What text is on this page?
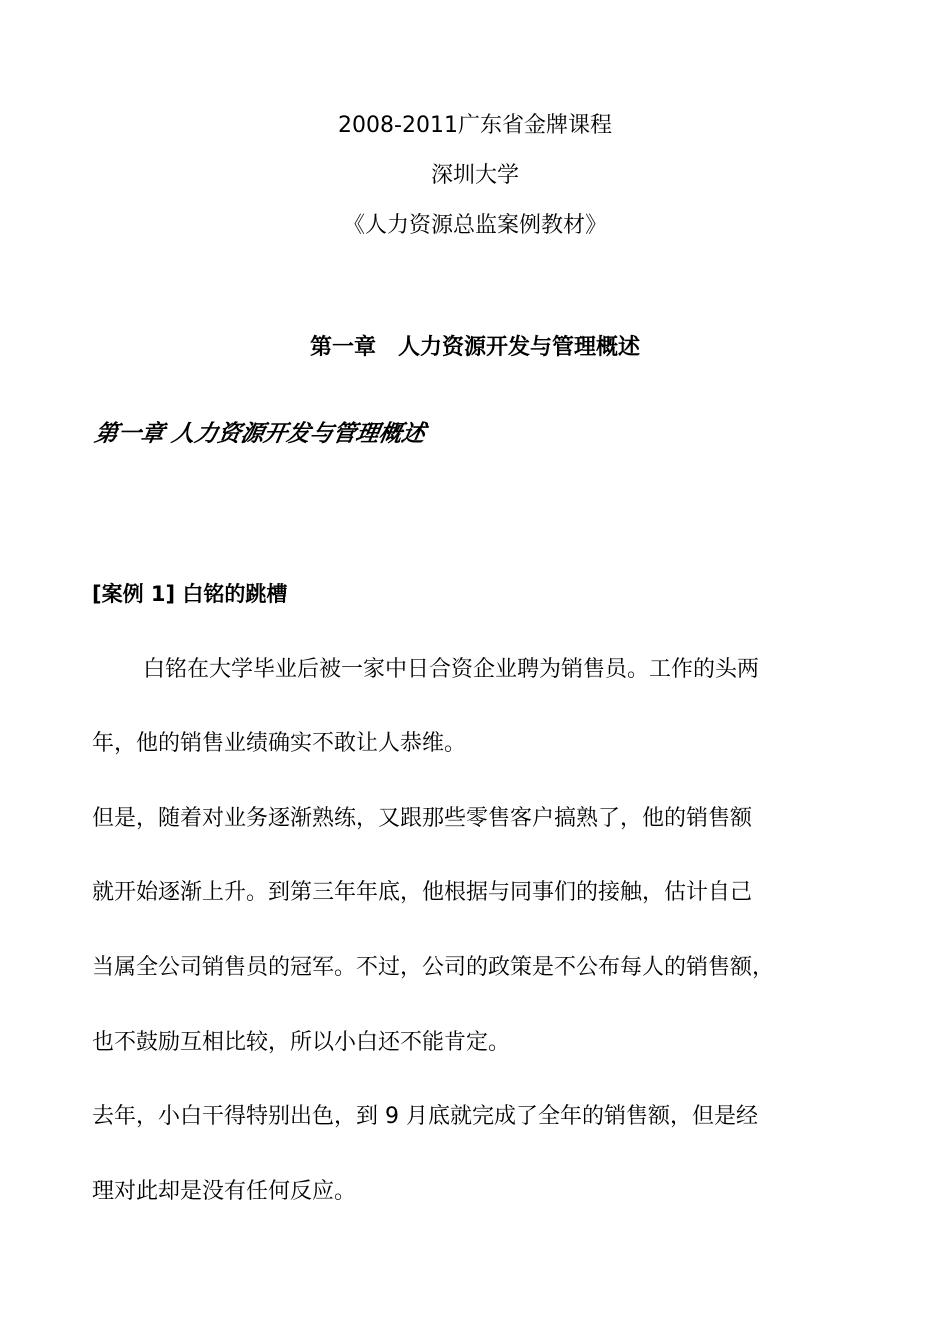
2008-2011广东省金牌课程
深圳大学
《人力资源总监案例教材》
第一章　人力资源开发与管理概述
第一章 人力资源开发与管理概述
[案例 1] 白铭的跳槽
白铭在大学毕业后被一家中日合资企业聘为销售员。工作的头两
年，他的销售业绩确实不敢让人恭维。
但是，随着对业务逐渐熟练，又跟那些零售客户搞熟了，他的销售额
就开始逐渐上升。到第三年年底，他根据与同事们的接触，估计自己
当属全公司销售员的冠军。不过，公司的政策是不公布每人的销售额，
也不鼓励互相比较，所以小白还不能肯定。
去年，小白干得特别出色，到 9 月底就完成了全年的销售额，但是经
理对此却是没有任何反应。
